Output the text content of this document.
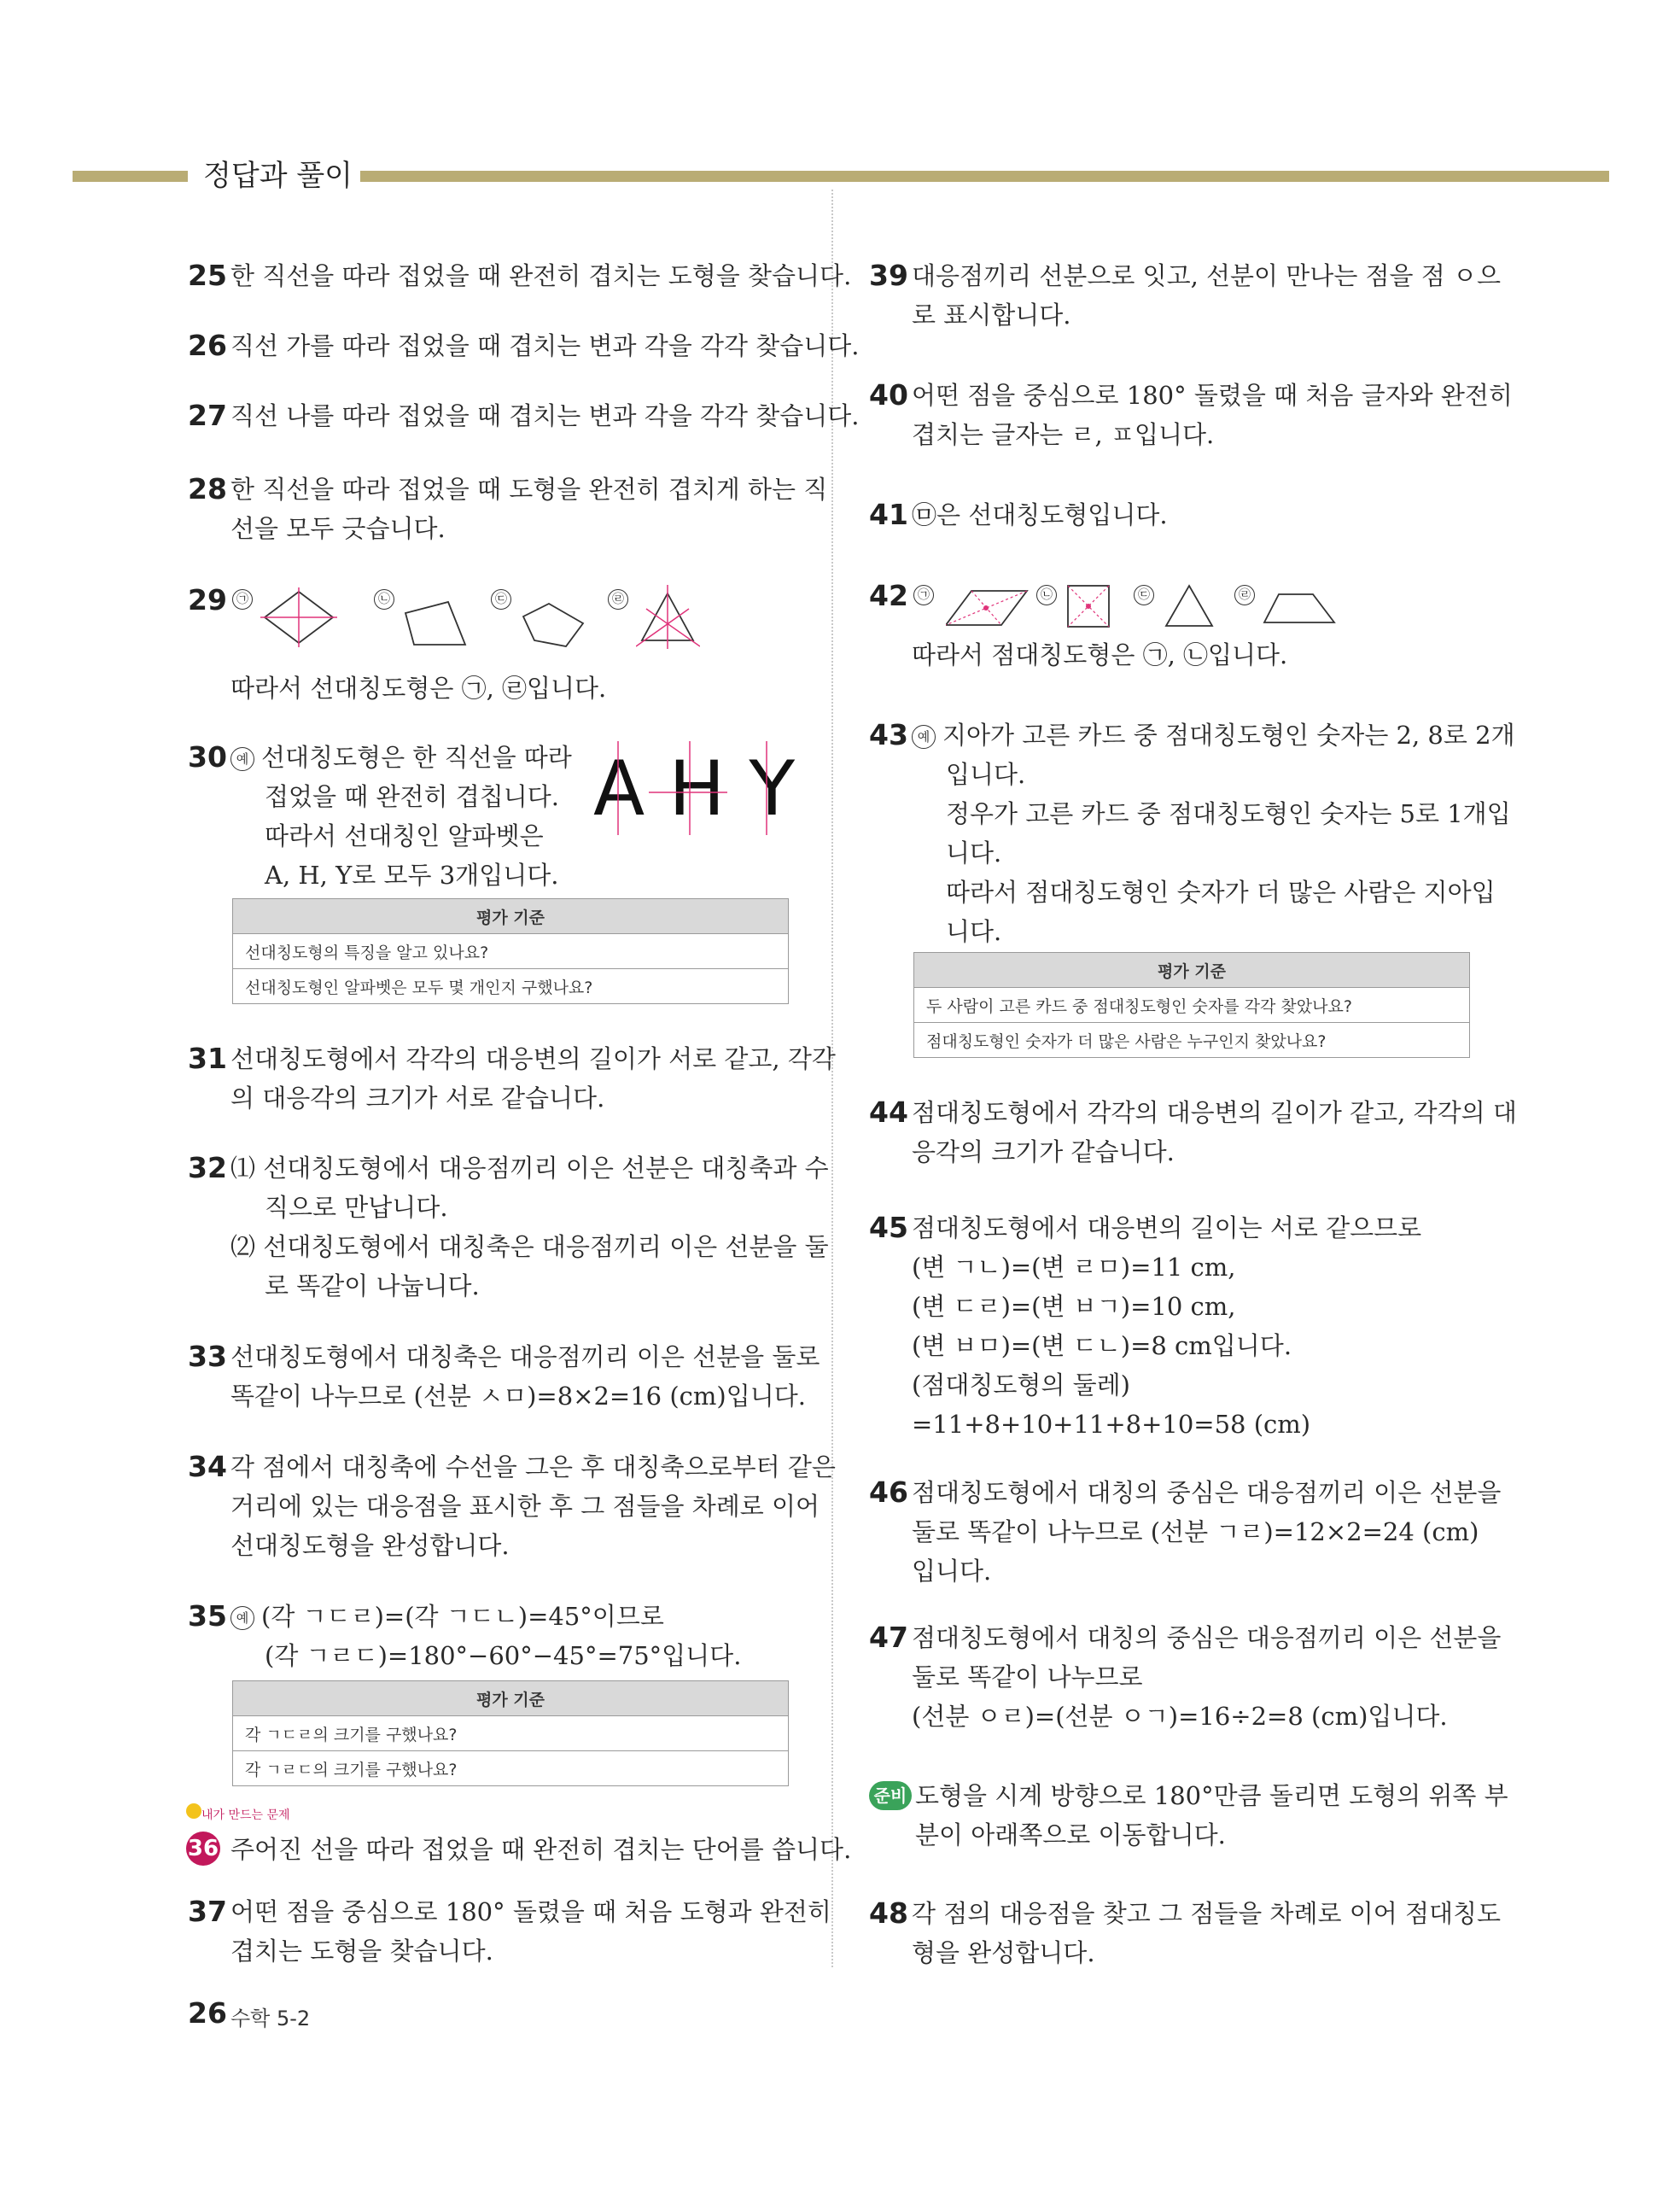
정답과 풀이
25 한 직선을 따라 접었을 때 완전히 겹치는 도형을 찾습니다.
26 직선 가를 따라 접었을 때 겹치는 변과 각을 각각 찾습니다.
27 직선 나를 따라 접었을 때 겹치는 변과 각을 각각 찾습니다.
28 한 직선을 따라 접었을 때 도형을 완전히 겹치게 하는 직
선을 모두 긋습니다.
29 ㉠	㉡	㉢	㉣
따라서 선대칭도형은 ㉠, ㉣입니다.
30 예 선대칭도형은 한 직선을 따라
접었을 때 완전히 겹칩니다.
따라서 선대칭인 알파벳은
A, H, Y로 모두 3개입니다.
AHY
평가 기준
선대칭도형의 특징을 알고 있나요?
선대칭도형인 알파벳은 모두 몇 개인지 구했나요?
31 선대칭도형에서 각각의 대응변의 길이가 서로 같고, 각각
의 대응각의 크기가 서로 같습니다.
32 ⑴ 선대칭도형에서 대응점끼리 이은 선분은 대칭축과 수
직으로 만납니다.
⑵ 선대칭도형에서 대칭축은 대응점끼리 이은 선분을 둘
로 똑같이 나눕니다.
33 선대칭도형에서 대칭축은 대응점끼리 이은 선분을 둘로
똑같이 나누므로 (선분 ㅅㅁ)=8×2=16 (cm)입니다.
34 각 점에서 대칭축에 수선을 그은 후 대칭축으로부터 같은
거리에 있는 대응점을 표시한 후 그 점들을 차례로 이어
선대칭도형을 완성합니다.
35 예 (각 ㄱㄷㄹ)=(각 ㄱㄷㄴ)=45°이므로
(각 ㄱㄹㄷ)=180°−60°−45°=75°입니다.
평가 기준
각 ㄱㄷㄹ의 크기를 구했나요?
각 ㄱㄹㄷ의 크기를 구했나요?
내가 만드는 문제
36 주어진 선을 따라 접었을 때 완전히 겹치는 단어를 씁니다.
37 어떤 점을 중심으로 180° 돌렸을 때 처음 도형과 완전히
겹치는 도형을 찾습니다.
39 대응점끼리 선분으로 잇고, 선분이 만나는 점을 점 ㅇ으
로 표시합니다.
40 어떤 점을 중심으로 180° 돌렸을 때 처음 글자와 완전히
겹치는 글자는 ㄹ, ㅍ입니다.
41 ㉤은 선대칭도형입니다.
42 ㉠	㉡	㉢	㉣
따라서 점대칭도형은 ㉠, ㉡입니다.
43 예 지아가 고른 카드 중 점대칭도형인 숫자는 2, 8로 2개
입니다.
정우가 고른 카드 중 점대칭도형인 숫자는 5로 1개입
니다.
따라서 점대칭도형인 숫자가 더 많은 사람은 지아입
니다.
평가 기준
두 사람이 고른 카드 중 점대칭도형인 숫자를 각각 찾았나요?
점대칭도형인 숫자가 더 많은 사람은 누구인지 찾았나요?
44 점대칭도형에서 각각의 대응변의 길이가 같고, 각각의 대
응각의 크기가 같습니다.
45 점대칭도형에서 대응변의 길이는 서로 같으므로
(변 ㄱㄴ)=(변 ㄹㅁ)=11 cm,
(변 ㄷㄹ)=(변 ㅂㄱ)=10 cm,
(변 ㅂㅁ)=(변 ㄷㄴ)=8 cm입니다.
(점대칭도형의 둘레)
=11+8+10+11+8+10=58 (cm)
46 점대칭도형에서 대칭의 중심은 대응점끼리 이은 선분을
둘로 똑같이 나누므로 (선분 ㄱㄹ)=12×2=24 (cm)
입니다.
47 점대칭도형에서 대칭의 중심은 대응점끼리 이은 선분을
둘로 똑같이 나누므로
(선분 ㅇㄹ)=(선분 ㅇㄱ)=16÷2=8 (cm)입니다.
준비 도형을 시계 방향으로 180°만큼 돌리면 도형의 위쪽 부
분이 아래쪽으로 이동합니다.
48 각 점의 대응점을 찾고 그 점들을 차례로 이어 점대칭도
형을 완성합니다.
26 수학 5-2
